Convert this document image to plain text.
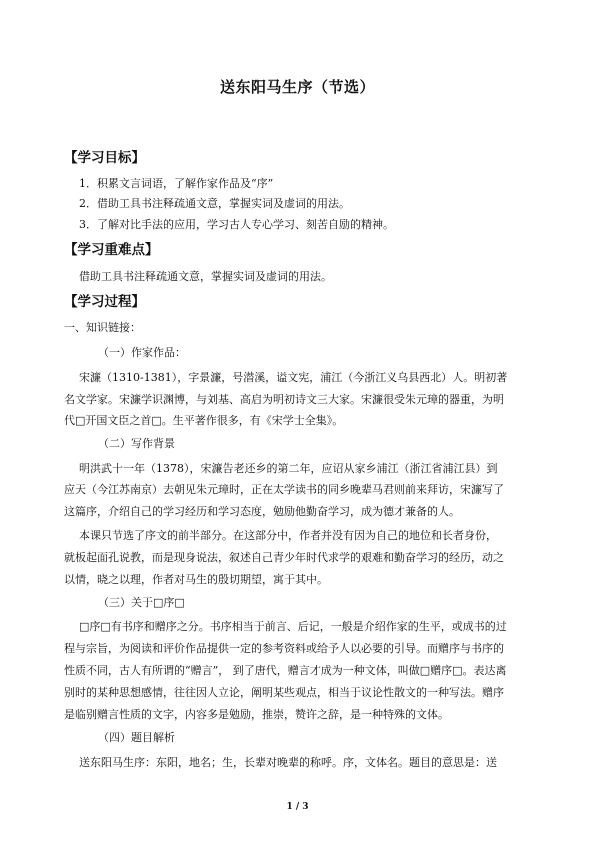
送东阳马生序（节选）
【学习目标】
1．积累文言词语，了解作家作品及“序”
2．借助工具书注释疏通文意，掌握实词及虚词的用法。
3．了解对比手法的应用，学习古人专心学习、刻苦自励的精神。
【学习重难点】
借助工具书注释疏通文意，掌握实词及虚词的用法。
【学习过程】
一、知识链接：
（一）作家作品：
宋濂（1310-1381），字景濂，号潜溪，谥文宪，浦江（今浙江义乌县西北）人。明初著
名文学家。宋濂学识渊博，与刘基、高启为明初诗文三大家。宋濂很受朱元璋的器重，为明
代□开国文臣之首□。生平著作很多，有《宋学士全集》。
（二）写作背景
明洪武十一年（1378），宋濂告老还乡的第二年，应诏从家乡浦江（浙江省浦江县）到
应天（今江苏南京）去朝见朱元璋时，正在太学读书的同乡晚辈马君则前来拜访，宋濂写了
这篇序，介绍自己的学习经历和学习态度，勉励他勤奋学习，成为德才兼备的人。
本课只节选了序文的前半部分。在这部分中，作者并没有因为自己的地位和长者身份，
就板起面孔说教，而是现身说法，叙述自己青少年时代求学的艰难和勤奋学习的经历，动之
以情，晓之以理，作者对马生的殷切期望，寓于其中。
（三）关于□序□
□序□有书序和赠序之分。书序相当于前言、后记，一般是介绍作家的生平，或成书的过
程与宗旨，为阅读和评价作品提供一定的参考资料或给予人以必要的引导。而赠序与书序的
性质不同，古人有所谓的“赠言”， 到了唐代，赠言才成为一种文体，叫做□赠序□。表达离
别时的某种思想感情，往往因人立论，阐明某些观点，相当于议论性散文的一种写法。赠序
是临别赠言性质的文字，内容多是勉励，推崇，赞许之辞，是一种特殊的文体。
（四）题目解析
送东阳马生序：东阳，地名；生，长辈对晚辈的称呼。序，文体名。题目的意思是：送
1 / 3
